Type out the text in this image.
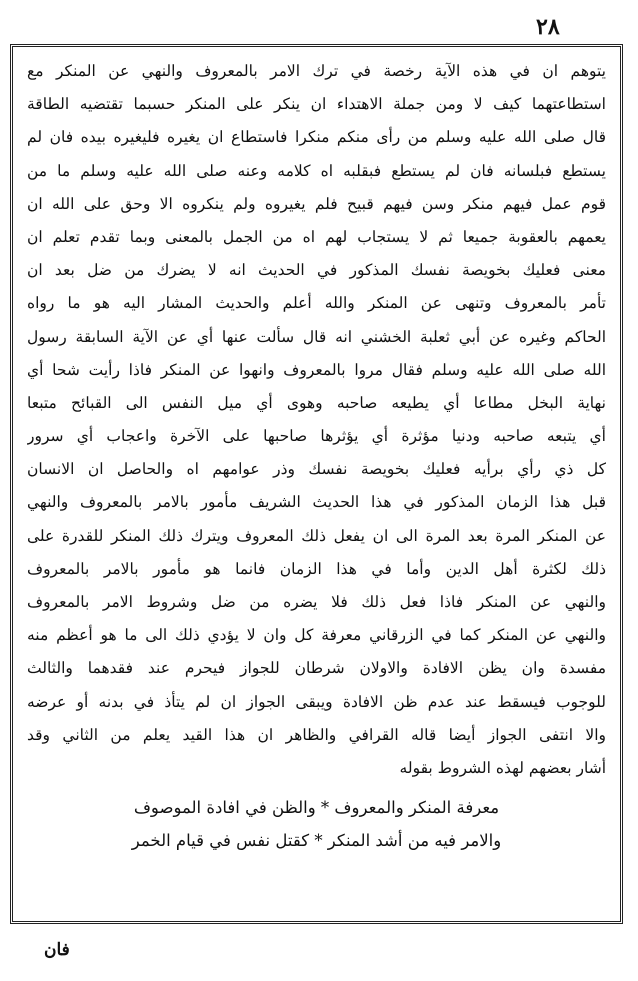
٢٨
يتوهم ان في هذه الآية رخصة في ترك الامر بالمعروف والنهي عن المنكر مع
استطاعتهما كيف لا ومن جملة الاهتداء ان ينكر على المنكر حسبما تقتضيه الطاقة
قال صلى الله عليه وسلم من رأى منكم منكرا فاستطاع ان يغيره فليغيره بيده فان لم
يستطع فبلسانه فان لم يستطع فبقلبه اه كلامه وعنه صلى الله عليه وسلم ما من
قوم عمل فيهم منكر وسن فيهم قبيح فلم يغيروه ولم ينكروه الا وحق على الله ان
يعمهم بالعقوبة جميعا ثم لا يستجاب لهم اه من الجمل بالمعنى وبما تقدم تعلم ان
معنى فعليك بخويصة نفسك المذكور في الحديث انه لا يضرك من ضل بعد ان
تأمر بالمعروف وتنهى عن المنكر والله أعلم والحديث المشار اليه هو ما رواه
الحاكم وغيره عن أبي ثعلبة الخشني انه قال سألت عنها أي عن الآية السابقة رسول
الله صلى الله عليه وسلم فقال مروا بالمعروف وانهوا عن المنكر فاذا رأيت شحا أي
نهاية البخل مطاعا أي يطيعه صاحبه وهوى أي ميل النفس الى القبائح متبعا
أي يتبعه صاحبه ودنيا مؤثرة أي يؤثرها صاحبها على الآخرة واعجاب أي سرور
كل ذي رأي برأيه فعليك بخويصة نفسك وذر عوامهم اه والحاصل ان الانسان
قبل هذا الزمان المذكور في هذا الحديث الشريف مأمور بالامر بالمعروف والنهي
عن المنكر المرة بعد المرة الى ان يفعل ذلك المعروف ويترك ذلك المنكر للقدرة على
ذلك لكثرة أهل الدين وأما في هذا الزمان فانما هو مأمور بالامر بالمعروف
والنهي عن المنكر فاذا فعل ذلك فلا يضره من ضل وشروط الامر بالمعروف
والنهي عن المنكر كما في الزرقاني معرفة كل وان لا يؤدي ذلك الى ما هو أعظم منه
مفسدة وان يظن الافادة والاولان شرطان للجواز فيحرم عند فقدهما والثالث
للوجوب فيسقط عند عدم ظن الافادة ويبقى الجواز ان لم يتأذ في بدنه أو عرضه
والا انتفى الجواز أيضا قاله القرافي والظاهر ان هذا القيد يعلم من الثاني وقد
أشار بعضهم لهذه الشروط بقوله
معرفة المنكر والمعروف * والظن في افادة الموصوف
والامر فيه من أشد المنكر * كقتل نفس في قيام الخمر
فان
